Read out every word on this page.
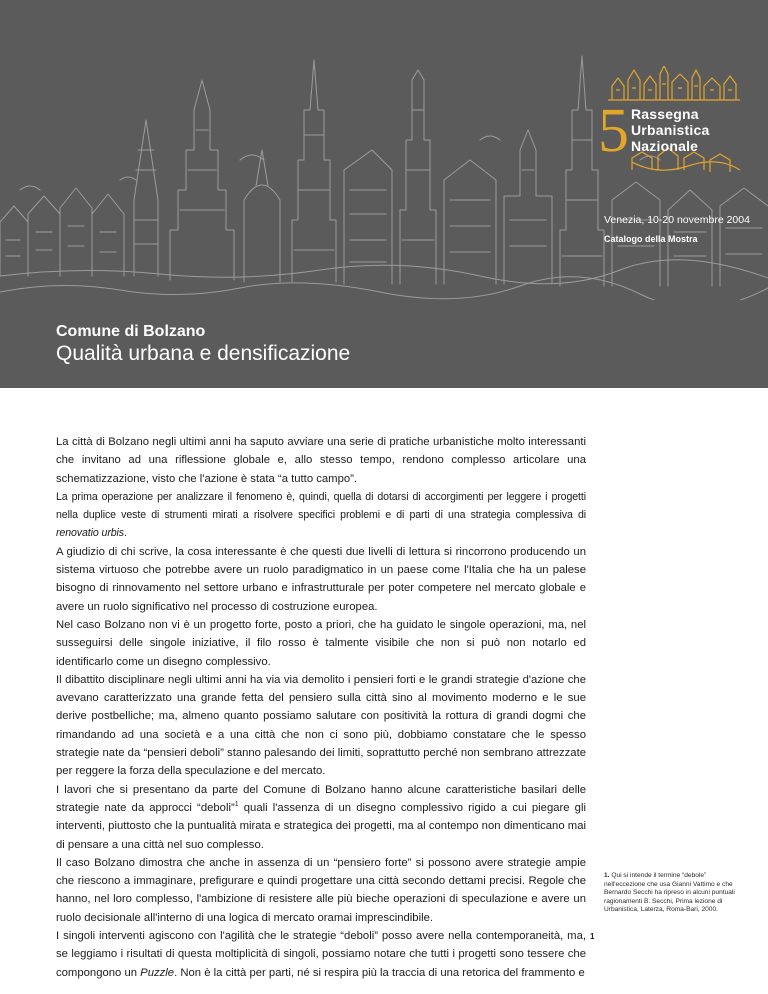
5 Rassegna
Urbanistica
Nazionale
Venezia, 10-20 novembre 2004
Catalogo della Mostra
Comune di Bolzano
Qualità urbana e densificazione

La città di Bolzano negli ultimi anni ha saputo avviare una serie di pratiche urbanistiche molto interessanti che invitano ad una riflessione globale e, allo stesso tempo, rendono complesso articolare una schematizzazione, visto che l'azione è stata “a tutto campo”.

La prima operazione per analizzare il fenomeno è, quindi, quella di dotarsi di accorgimenti per leggere i progetti nella duplice veste di strumenti mirati a risolvere specifici problemi e di parti di una strategia complessiva di renovatio urbis.

A giudizio di chi scrive, la cosa interessante è che questi due livelli di lettura si rincorrono producendo un sistema virtuoso che potrebbe avere un ruolo paradigmatico in un paese come l'Italia che ha un palese bisogno di rinnovamento nel settore urbano e infrastrutturale per poter competere nel mercato globale e avere un ruolo significativo nel processo di costruzione europea.

Nel caso Bolzano non vi è un progetto forte, posto a priori, che ha guidato le singole operazioni, ma, nel susseguirsi delle singole iniziative, il filo rosso è talmente visibile che non si può non notarlo ed identificarlo come un disegno complessivo.

Il dibattito disciplinare negli ultimi anni ha via via demolito i pensieri forti e le grandi strategie d'azione che avevano caratterizzato una grande fetta del pensiero sulla città sino al movimento moderno e le sue derive postbelliche; ma, almeno quanto possiamo salutare con positività la rottura di grandi dogmi che rimandando ad una società e a una città che non ci sono più, dobbiamo constatare che le spesso strategie nate da “pensieri deboli” stanno palesando dei limiti, soprattutto perché non sembrano attrezzate per reggere la forza della speculazione e del mercato.

I lavori che si presentano da parte del Comune di Bolzano hanno alcune caratteristiche basilari delle strategie nate da approcci “deboli”$^1$ quali l'assenza di un disegno complessivo rigido a cui piegare gli interventi, piuttosto che la puntualità mirata e strategica dei progetti, ma al contempo non dimenticano mai di pensare a una città nel suo complesso.

Il caso Bolzano dimostra che anche in assenza di un “pensiero forte” si possono avere strategie ampie che riescono a immaginare, prefigurare e quindi progettare una città secondo dettami precisi. Regole che hanno, nel loro complesso, l'ambizione di resistere alle più bieche operazioni di speculazione e avere un ruolo decisionale all'interno di una logica di mercato oramai imprescindibile.

I singoli interventi agiscono con l'agilità che le strategie “deboli” posso avere nella contemporaneità, ma, se leggiamo i risultati di questa moltiplicità di singoli, possiamo notare che tutti i progetti sono tessere che compongono un Puzzle. Non è la città per parti, né si respira più la traccia di una retorica del frammento e

1. Qui si intende il termine “debole” nell'eccezione che usa Gianni Vattimo e che Bernardo Secchi ha ripreso in alcuni puntuali ragionamenti B. Secchi, Prima lezione di Urbanistica, Laterza, Roma-Bari, 2000.
1
